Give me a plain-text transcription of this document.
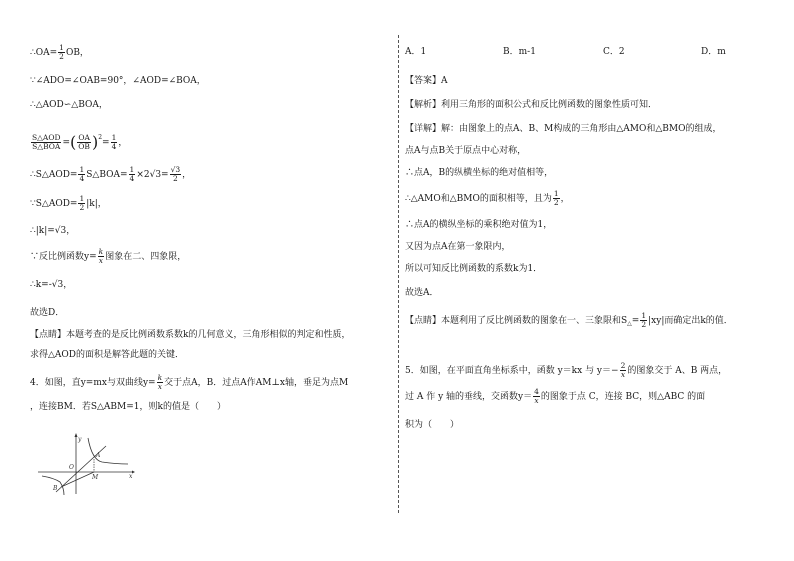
∴OA= $\frac{1}{2}$ OB，
∵∠ADO=∠OAB=90°，∠AOD=∠BOA，
∴△AOD∽△BOA，
$\frac{\text{S△AOD}}{\text{S△BOA}}$ =( $\frac{OA}{OB} )^2= \frac{1}{4}$ ，
∴S△AOD= $\frac{1}{4}$ S△BOA= $\frac{1}{4} \times 2√3= \frac{√3}{2}$ ，
∵S△AOD= $\frac{1}{2} |k|$，
∴|k|=√3，
∵反比例函数$y= \frac{k}{x}$ 图象在二、四象限，
∴k=-√3，
故选D．
【点睛】本题考查的是反比例函数系数k的几何意义，三角形相似的判定和性质，
求得△AOD的面积是解答此题的关键．
4．如图，直y=mx与双曲线$y= \frac{k}{x}$ 交于点A，B．过点A作AM⊥x轴，垂足为点M
，连接BM．若S△ABM=1，则k的值是（　　）
y
x
O
A
M
B
A．1	B．m-1	C．2	D．m
【答案】A
【解析】利用三角形的面积公式和反比例函数的图象性质可知．
【详解】解：由图象上的点A、B、M构成的三角形由△AMO和△BMO的组成，
点A与点B关于原点中心对称，
∴点A，B的纵横坐标的绝对值相等，
∴△AMO和△BMO的面积相等，且为 $\frac{1}{2}$ ，
∴点A的横纵坐标的乘积绝对值为1，
又因为点A在第一象限内，
所以可知反比例函数的系数k为1．
故选A．
【点睛】本题利用了反比例函数的图象在一、三象限和$S_\triangle= \frac{1}{2} |xy|$而确定出k的值．
5．如图，在平面直角坐标系中，函数 y＝kx 与 $y=- \frac{2}{x}$ 的图象交于 A、B 两点，
过 A 作 y 轴的垂线，交函数$y= \frac{4}{x}$ 的图象于点 C，连接 BC，则△ABC 的面
积为（　　）
